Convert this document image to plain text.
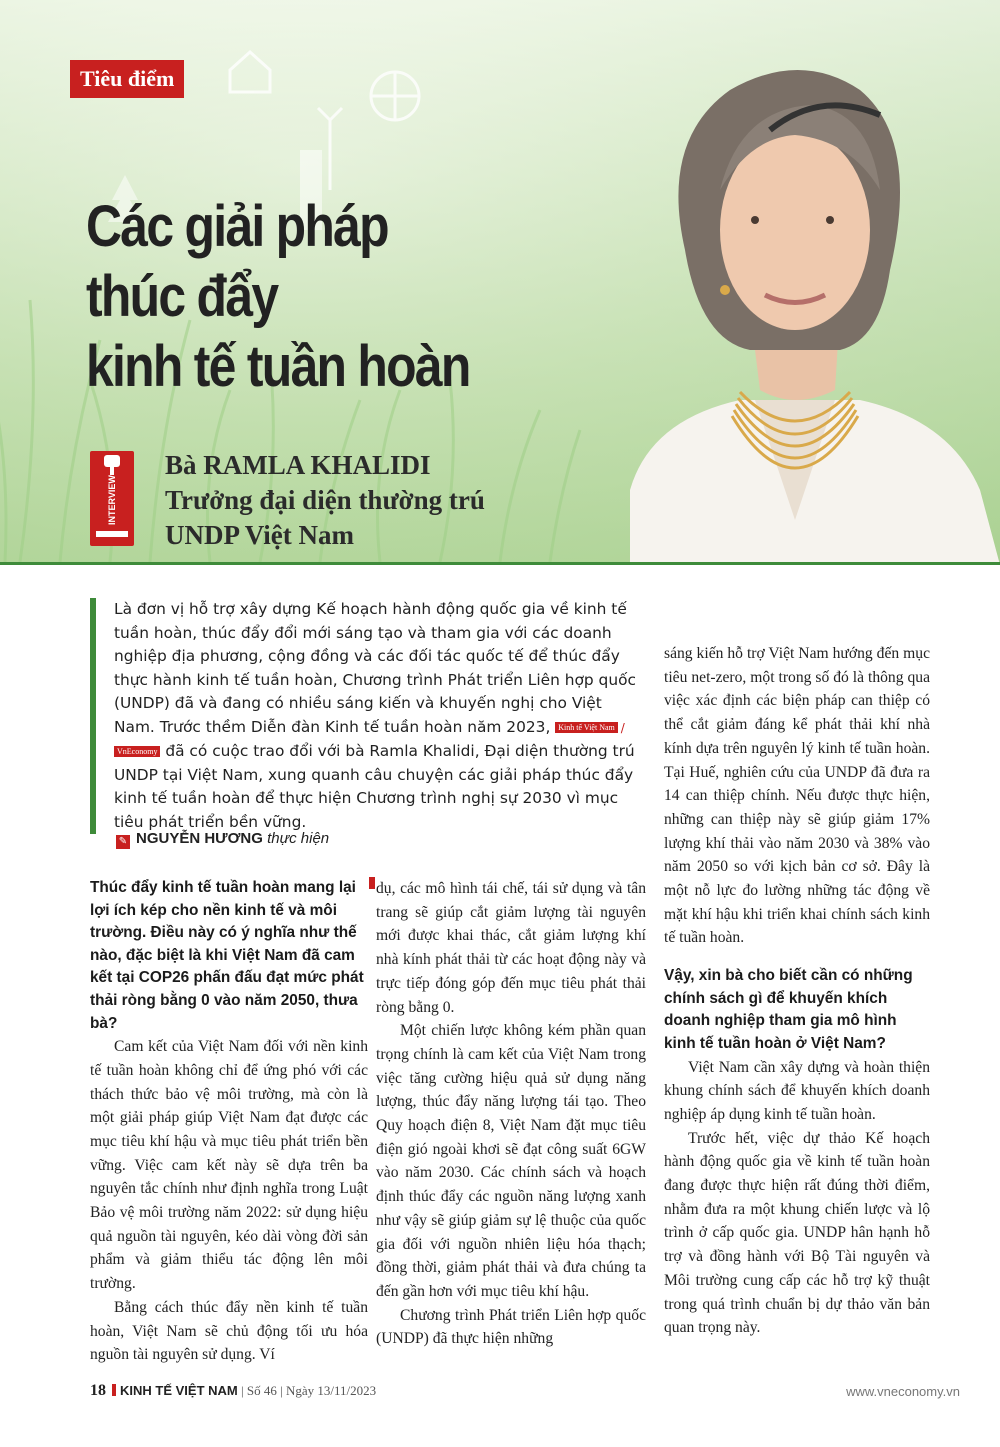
Tiêu điểm
Các giải pháp
thúc đẩy
kinh tế tuần hoàn
INTERVIEW
Bà RAMLA KHALIDI
Trưởng đại diện thường trú
UNDP Việt Nam
Là đơn vị hỗ trợ xây dựng Kế hoạch hành động quốc gia về kinh tế tuần hoàn, thúc đẩy đổi mới sáng tạo và tham gia với các doanh nghiệp địa phương, cộng đồng và các đối tác quốc tế để thúc đẩy thực hành kinh tế tuần hoàn, Chương trình Phát triển Liên hợp quốc (UNDP) đã và đang có nhiều sáng kiến và khuyến nghị cho Việt Nam. Trước thềm Diễn đàn Kinh tế tuần hoàn năm 2023, Kinh tế Việt Nam /VnEconomy đã có cuộc trao đổi với bà Ramla Khalidi, Đại diện thường trú UNDP tại Việt Nam, xung quanh câu chuyện các giải pháp thúc đẩy kinh tế tuần hoàn để thực hiện Chương trình nghị sự 2030 vì mục tiêu phát triển bền vững.
✎ NGUYỄN HƯƠNG thực hiện
Thúc đẩy kinh tế tuần hoàn mang lại lợi ích kép cho nền kinh tế và môi trường. Điều này có ý nghĩa như thế nào, đặc biệt là khi Việt Nam đã cam kết tại COP26 phấn đấu đạt mức phát thải ròng bằng 0 vào năm 2050, thưa bà?

Cam kết của Việt Nam đối với nền kinh tế tuần hoàn không chỉ để ứng phó với các thách thức bảo vệ môi trường, mà còn là một giải pháp giúp Việt Nam đạt được các mục tiêu khí hậu và mục tiêu phát triển bền vững. Việc cam kết này sẽ dựa trên ba nguyên tắc chính như định nghĩa trong Luật Bảo vệ môi trường năm 2022: sử dụng hiệu quả nguồn tài nguyên, kéo dài vòng đời sản phẩm và giảm thiểu tác động lên môi trường.

Bằng cách thúc đẩy nền kinh tế tuần hoàn, Việt Nam sẽ chủ động tối ưu hóa nguồn tài nguyên sử dụng. Ví

dụ, các mô hình tái chế, tái sử dụng và tân trang sẽ giúp cắt giảm lượng tài nguyên mới được khai thác, cắt giảm lượng khí nhà kính phát thải từ các hoạt động này và trực tiếp đóng góp đến mục tiêu phát thải ròng bằng 0.

Một chiến lược không kém phần quan trọng chính là cam kết của Việt Nam trong việc tăng cường hiệu quả sử dụng năng lượng, thúc đẩy năng lượng tái tạo. Theo Quy hoạch điện 8, Việt Nam đặt mục tiêu điện gió ngoài khơi sẽ đạt công suất 6GW vào năm 2030. Các chính sách và hoạch định thúc đẩy các nguồn năng lượng xanh như vậy sẽ giúp giảm sự lệ thuộc của quốc gia đối với nguồn nhiên liệu hóa thạch; đồng thời, giảm phát thải và đưa chúng ta đến gần hơn với mục tiêu khí hậu.

Chương trình Phát triển Liên hợp quốc (UNDP) đã thực hiện những

sáng kiến hỗ trợ Việt Nam hướng đến mục tiêu net-zero, một trong số đó là thông qua việc xác định các biện pháp can thiệp có thể cắt giảm đáng kể phát thải khí nhà kính dựa trên nguyên lý kinh tế tuần hoàn. Tại Huế, nghiên cứu của UNDP đã đưa ra 14 can thiệp chính. Nếu được thực hiện, những can thiệp này sẽ giúp giảm 17% lượng khí thải vào năm 2030 và 38% vào năm 2050 so với kịch bản cơ sở. Đây là một nỗ lực đo lường những tác động về mặt khí hậu khi triển khai chính sách kinh tế tuần hoàn.

Vậy, xin bà cho biết cần có những chính sách gì để khuyến khích doanh nghiệp tham gia mô hình kinh tế tuần hoàn ở Việt Nam?

Việt Nam cần xây dựng và hoàn thiện khung chính sách để khuyến khích doanh nghiệp áp dụng kinh tế tuần hoàn.

Trước hết, việc dự thảo Kế hoạch hành động quốc gia về kinh tế tuần hoàn đang được thực hiện rất đúng thời điểm, nhằm đưa ra một khung chiến lược và lộ trình ở cấp quốc gia. UNDP hân hạnh hỗ trợ và đồng hành với Bộ Tài nguyên và Môi trường cung cấp các hỗ trợ kỹ thuật trong quá trình chuẩn bị dự thảo văn bản quan trọng này.

18 KINH TẾ VIỆT NAM | Số 46 | Ngày 13/11/2023	www.vneconomy.vn
